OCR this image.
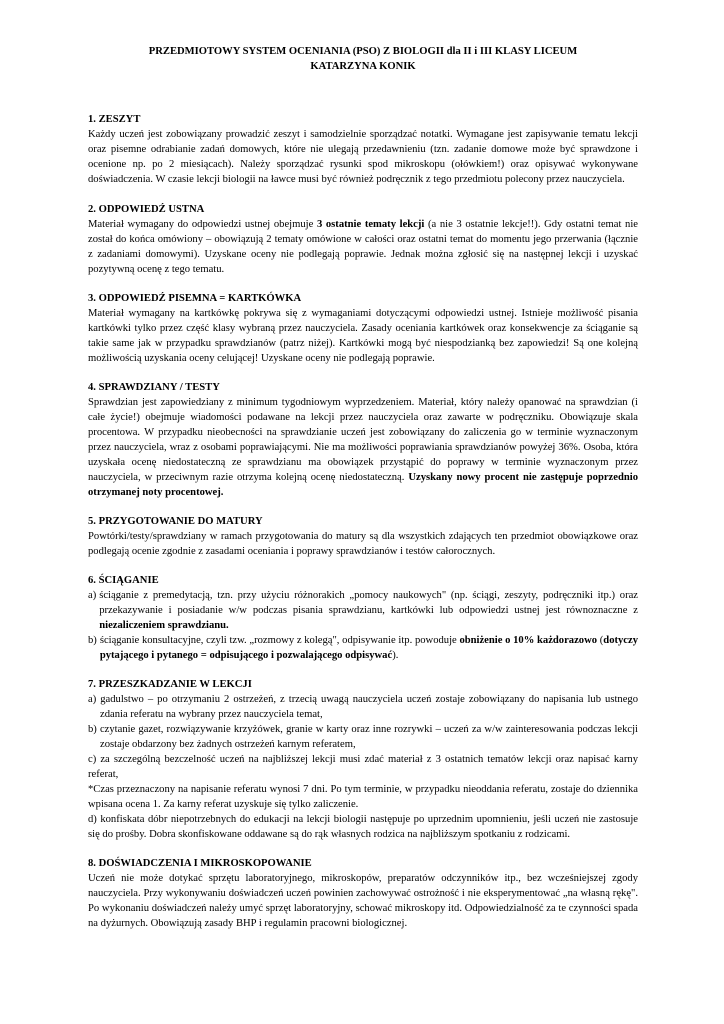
PRZEDMIOTOWY SYSTEM OCENIANIA (PSO) Z BIOLOGII dla II i III KLASY LICEUM

KATARZYNA KONIK

1. ZESZYT

Każdy uczeń jest zobowiązany prowadzić zeszyt i samodzielnie sporządzać notatki. Wymagane jest zapisywanie tematu lekcji oraz pisemne odrabianie zadań domowych, które nie ulegają przedawnieniu (tzn. zadanie domowe może być sprawdzone i ocenione np. po 2 miesiącach). Należy sporządzać rysunki spod mikroskopu (ołówkiem!) oraz opisywać wykonywane doświadczenia. W czasie lekcji biologii na ławce musi być również podręcznik z tego przedmiotu polecony przez nauczyciela.

2. ODPOWIEDŹ USTNA

Materiał wymagany do odpowiedzi ustnej obejmuje 3 ostatnie tematy lekcji (a nie 3 ostatnie lekcje!!). Gdy ostatni temat nie został do końca omówiony – obowiązują 2 tematy omówione w całości oraz ostatni temat do momentu jego przerwania (łącznie z zadaniami domowymi). Uzyskane oceny nie podlegają poprawie. Jednak można zgłosić się na następnej lekcji i uzyskać pozytywną ocenę z tego tematu.

3. ODPOWIEDŹ PISEMNA = KARTKÓWKA

Materiał wymagany na kartkówkę pokrywa się z wymaganiami dotyczącymi odpowiedzi ustnej. Istnieje możliwość pisania kartkówki tylko przez część klasy wybraną przez nauczyciela. Zasady oceniania kartkówek oraz konsekwencje za ściąganie są takie same jak w przypadku sprawdzianów (patrz niżej). Kartkówki mogą być niespodzianką bez zapowiedzi! Są one kolejną możliwością uzyskania oceny celującej! Uzyskane oceny nie podlegają poprawie.

4. SPRAWDZIANY / TESTY

Sprawdzian jest zapowiedziany z minimum tygodniowym wyprzedzeniem. Materiał, który należy opanować na sprawdzian (i całe życie!) obejmuje wiadomości podawane na lekcji przez nauczyciela oraz zawarte w podręczniku. Obowiązuje skala procentowa. W przypadku nieobecności na sprawdzianie uczeń jest zobowiązany do zaliczenia go w terminie wyznaczonym przez nauczyciela, wraz z osobami poprawiającymi. Nie ma możliwości poprawiania sprawdzianów powyżej 36%. Osoba, która uzyskała ocenę niedostateczną ze sprawdzianu ma obowiązek przystąpić do poprawy w terminie wyznaczonym przez nauczyciela, w przeciwnym razie otrzyma kolejną ocenę niedostateczną. Uzyskany nowy procent nie zastępuje poprzednio otrzymanej noty procentowej.

5. PRZYGOTOWANIE DO MATURY

Powtórki/testy/sprawdziany w ramach przygotowania do matury są dla wszystkich zdających ten przedmiot obowiązkowe oraz podlegają ocenie zgodnie z zasadami oceniania i poprawy sprawdzianów i testów całorocznych.

6. ŚCIĄGANIE

a) ściąganie z premedytacją, tzn. przy użyciu różnorakich „pomocy naukowych" (np. ściągi, zeszyty, podręczniki itp.) oraz przekazywanie i posiadanie w/w podczas pisania sprawdzianu, kartkówki lub odpowiedzi ustnej jest równoznaczne z niezaliczeniem sprawdzianu.
b) ściąganie konsultacyjne, czyli tzw. „rozmowy z kolegą", odpisywanie itp. powoduje obniżenie o 10% każdorazowo (dotyczy pytającego i pytanego = odpisującego i pozwalającego odpisywać).

7. PRZESZKADZANIE W LEKCJI

a) gadulstwo – po otrzymaniu 2 ostrzeżeń, z trzecią uwagą nauczyciela uczeń zostaje zobowiązany do napisania lub ustnego zdania referatu na wybrany przez nauczyciela temat,

b) czytanie gazet, rozwiązywanie krzyżówek, granie w karty oraz inne rozrywki – uczeń za w/w zainteresowania podczas lekcji zostaje obdarzony bez żadnych ostrzeżeń karnym referatem,

c) za szczególną bezczelność uczeń na najbliższej lekcji musi zdać materiał z 3 ostatnich tematów lekcji oraz napisać karny referat,

*Czas przeznaczony na napisanie referatu wynosi 7 dni. Po tym terminie, w przypadku nieoddania referatu, zostaje do dziennika wpisana ocena 1. Za karny referat uzyskuje się tylko zaliczenie.

d) konfiskata dóbr niepotrzebnych do edukacji na lekcji biologii następuje po uprzednim upomnieniu, jeśli uczeń nie zastosuje się do prośby. Dobra skonfiskowane oddawane są do rąk własnych rodzica na najbliższym spotkaniu z rodzicami.

8. DOŚWIADCZENIA I MIKROSKOPOWANIE

Uczeń nie może dotykać sprzętu laboratoryjnego, mikroskopów, preparatów odczynników itp., bez wcześniejszej zgody nauczyciela. Przy wykonywaniu doświadczeń uczeń powinien zachowywać ostrożność i nie eksperymentować „na własną rękę". Po wykonaniu doświadczeń należy umyć sprzęt laboratoryjny, schować mikroskopy itd. Odpowiedzialność za te czynności spada na dyżurnych. Obowiązują zasady BHP i regulamin pracowni biologicznej.
